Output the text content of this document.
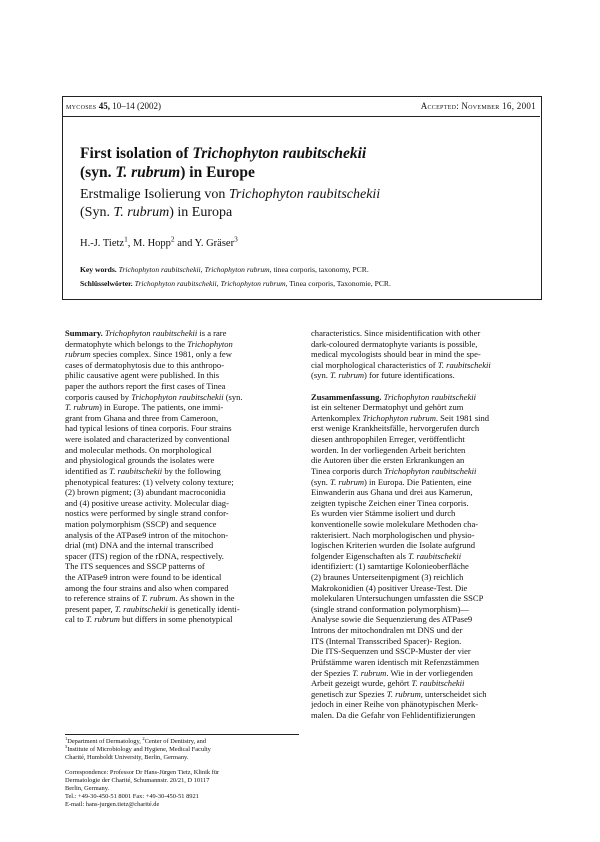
mycoses 45, 10–14 (2002)	Accepted: November 16, 2001
First isolation of Trichophyton raubitschekii
(syn. T. rubrum) in Europe
Erstmalige Isolierung von Trichophyton raubitschekii
(Syn. T. rubrum) in Europa
H.-J. Tietz$^1$, M. Hopp$^2$ and Y. Gräser$^3$
Key words. Trichophyton raubitschekii, Trichophyton rubrum, tinea corporis, taxonomy, PCR.
Schlüsselwörter. Trichophyton raubitschekii, Trichophyton rubrum, Tinea corporis, Taxonomie, PCR.
Summary. Trichophyton raubitschekii is a rare
dermatophyte which belongs to the Trichophyton
rubrum species complex. Since 1981, only a few
cases of dermatophytosis due to this anthropo-
philic causative agent were published. In this
paper the authors report the first cases of Tinea
corporis caused by Trichophyton raubitschekii (syn.
T. rubrum) in Europe. The patients, one immi-
grant from Ghana and three from Cameroon,
had typical lesions of tinea corporis. Four strains
were isolated and characterized by conventional
and molecular methods. On morphological
and physiological grounds the isolates were
identified as T. raubitschekii by the following
phenotypical features: (1) velvety colony texture;
(2) brown pigment; (3) abundant macroconidia
and (4) positive urease activity. Molecular diag-
nostics were performed by single strand confor-
mation polymorphism (SSCP) and sequence
analysis of the ATPase9 intron of the mitochon-
drial (mt) DNA and the internal transcribed
spacer (ITS) region of the rDNA, respectively.
The ITS sequences and SSCP patterns of
the ATPase9 intron were found to be identical
among the four strains and also when compared
to reference strains of T. rubrum. As shown in the
present paper, T. raubitschekii is genetically identi-
cal to T. rubrum but differs in some phenotypical
characteristics. Since misidentification with other
dark-coloured dermatophyte variants is possible,
medical mycologists should bear in mind the spe-
cial morphological characteristics of T. raubitschekii
(syn. T. rubrum) for future identifications.
Zusammenfassung. Trichophyton raubitschekii
ist ein seltener Dermatophyt und gehört zum
Artenkomplex Trichophyton rubrum. Seit 1981 sind
erst wenige Krankheitsfälle, hervorgerufen durch
diesen anthropophilen Erreger, veröffentlicht
worden. In der vorliegenden Arbeit berichten
die Autoren über die ersten Erkrankungen an
Tinea corporis durch Trichophyton raubitschekii
(syn. T. rubrum) in Europa. Die Patienten, eine
Einwanderin aus Ghana und drei aus Kamerun,
zeigten typische Zeichen einer Tinea corporis.
Es wurden vier Stämme isoliert und durch
konventionelle sowie molekulare Methoden cha-
rakterisiert. Nach morphologischen und physio-
logischen Kriterien wurden die Isolate aufgrund
folgender Eigenschaften als T. raubitschekii
identifiziert: (1) samtartige Kolonieoberfläche
(2) braunes Unterseitenpigment (3) reichlich
Makrokonidien (4) positiver Urease-Test. Die
molekularen Untersuchungen umfassten die SSCP
(single strand conformation polymorphism)—
Analyse sowie die Sequenzierung des ATPase9
Introns der mitochondralen mt DNS und der
ITS (Internal Transscribed Spacer)- Region.
Die ITS-Sequenzen und SSCP-Muster der vier
Prüfstämme waren identisch mit Refenzstämmen
der Spezies T. rubrum. Wie in der vorliegenden
Arbeit gezeigt wurde, gehört T. raubitschekii
genetisch zur Spezies T. rubrum, unterscheidet sich
jedoch in einer Reihe von phänotypischen Merk-
malen. Da die Gefahr von Fehlidentifizierungen
$^1$Department of Dermatology, $^2$Center of Dentistry, and
$^3$Institute of Microbiology and Hygiene, Medical Faculty
Charité, Humboldt University, Berlin, Germany.
Correspondence: Professor Dr Hans-Jürgen Tietz, Klinik für
Dermatologie der Charité, Schumannstr. 20/21, D 10117
Berlin, Germany.
Tel.: +49-30-450-51 8001 Fax: +49-30-450-51 8921
E-mail: hans-jurgen.tietz@charité.de
